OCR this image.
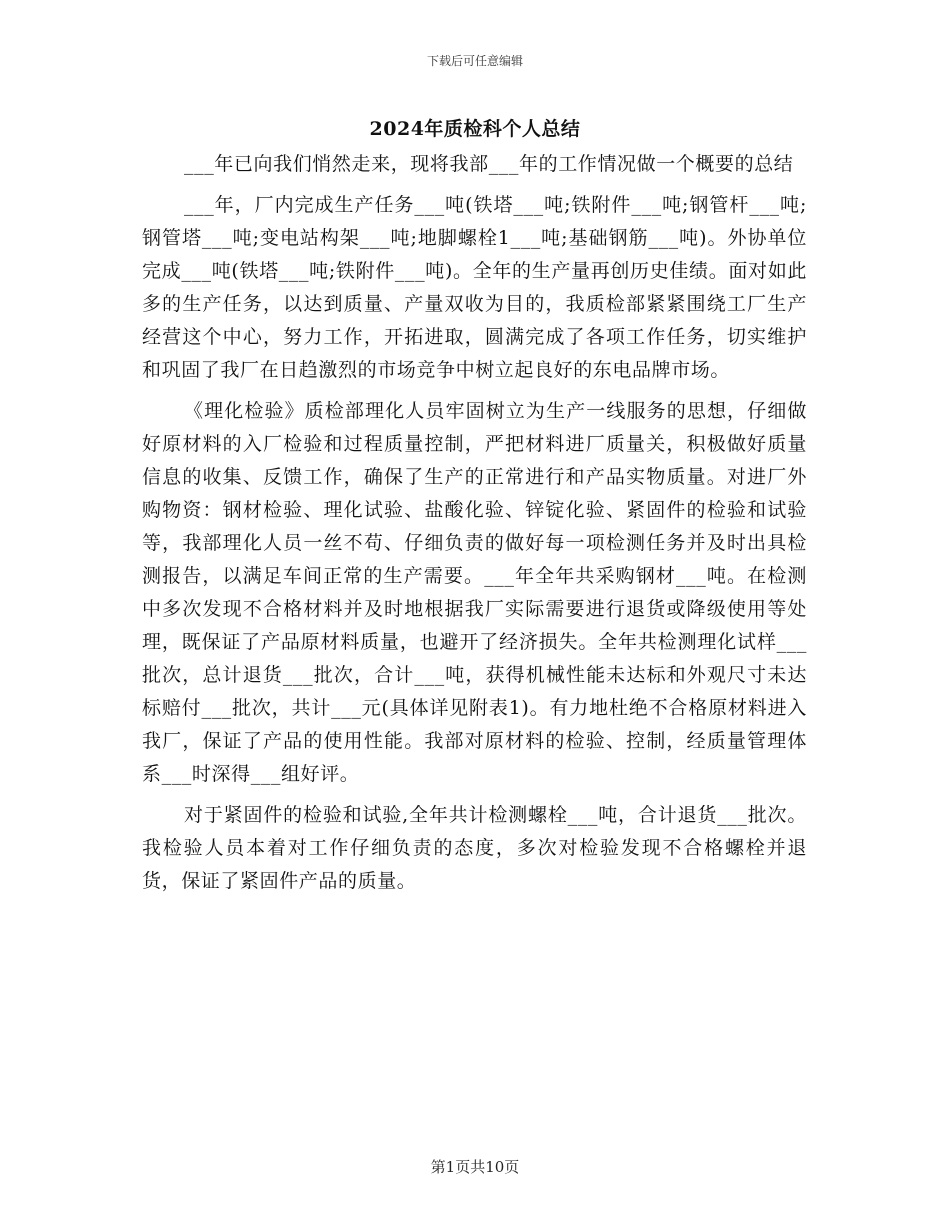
下载后可任意编辑
2024年质检科个人总结

___年已向我们悄然走来，现将我部___年的工作情况做一个概要的总结

___年，厂内完成生产任务___吨(铁塔___吨;铁附件___吨;钢管杆___吨;钢管塔___吨;变电站构架___吨;地脚螺栓1___吨;基础钢筋___吨)。外协单位完成___吨(铁塔___吨;铁附件___吨)。全年的生产量再创历史佳绩。面对如此多的生产任务，以达到质量、产量双收为目的，我质检部紧紧围绕工厂生产经营这个中心，努力工作，开拓进取，圆满完成了各项工作任务，切实维护和巩固了我厂在日趋激烈的市场竞争中树立起良好的东电品牌市场。

《理化检验》质检部理化人员牢固树立为生产一线服务的思想，仔细做好原材料的入厂检验和过程质量控制，严把材料进厂质量关，积极做好质量信息的收集、反馈工作，确保了生产的正常进行和产品实物质量。对进厂外购物资：钢材检验、理化试验、盐酸化验、锌锭化验、紧固件的检验和试验等，我部理化人员一丝不苟、仔细负责的做好每一项检测任务并及时出具检测报告，以满足车间正常的生产需要。___年全年共采购钢材___吨。在检测中多次发现不合格材料并及时地根据我厂实际需要进行退货或降级使用等处理，既保证了产品原材料质量，也避开了经济损失。全年共检测理化试样___批次，总计退货___批次，合计___吨，获得机械性能未达标和外观尺寸未达标赔付___批次，共计___元(具体详见附表1)。有力地杜绝不合格原材料进入我厂，保证了产品的使用性能。我部对原材料的检验、控制，经质量管理体系___时深得___组好评。

对于紧固件的检验和试验,全年共计检测螺栓___吨，合计退货___批次。我检验人员本着对工作仔细负责的态度，多次对检验发现不合格螺栓并退货，保证了紧固件产品的质量。

第1页共10页
